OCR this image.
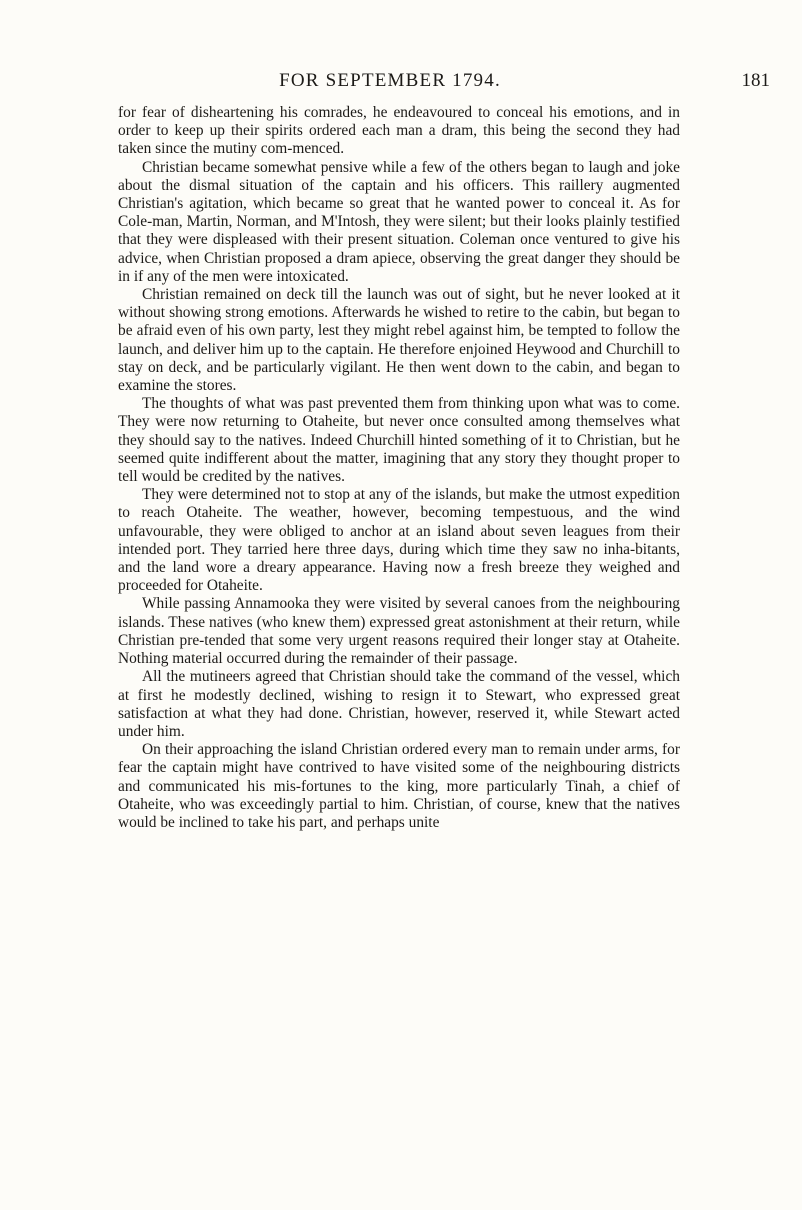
FOR SEPTEMBER 1794.	181

for fear of disheartening his comrades, he endeavoured to conceal his emotions, and in order to keep up their spirits ordered each man a dram, this being the second they had taken since the mutiny com-menced.

Christian became somewhat pensive while a few of the others began to laugh and joke about the dismal situation of the captain and his officers. This raillery augmented Christian's agitation, which became so great that he wanted power to conceal it. As for Cole-man, Martin, Norman, and M'Intosh, they were silent; but their looks plainly testified that they were displeased with their present situation. Coleman once ventured to give his advice, when Christian proposed a dram apiece, observing the great danger they should be in if any of the men were intoxicated.

Christian remained on deck till the launch was out of sight, but he never looked at it without showing strong emotions. Afterwards he wished to retire to the cabin, but began to be afraid even of his own party, lest they might rebel against him, be tempted to follow the launch, and deliver him up to the captain. He therefore enjoined Heywood and Churchill to stay on deck, and be particularly vigilant. He then went down to the cabin, and began to examine the stores.

The thoughts of what was past prevented them from thinking upon what was to come. They were now returning to Otaheite, but never once consulted among themselves what they should say to the natives. Indeed Churchill hinted something of it to Christian, but he seemed quite indifferent about the matter, imagining that any story they thought proper to tell would be credited by the natives.

They were determined not to stop at any of the islands, but make the utmost expedition to reach Otaheite. The weather, however, becoming tempestuous, and the wind unfavourable, they were obliged to anchor at an island about seven leagues from their intended port. They tarried here three days, during which time they saw no inha-bitants, and the land wore a dreary appearance. Having now a fresh breeze they weighed and proceeded for Otaheite.

While passing Annamooka they were visited by several canoes from the neighbouring islands. These natives (who knew them) expressed great astonishment at their return, while Christian pre-tended that some very urgent reasons required their longer stay at Otaheite. Nothing material occurred during the remainder of their passage.

All the mutineers agreed that Christian should take the command of the vessel, which at first he modestly declined, wishing to resign it to Stewart, who expressed great satisfaction at what they had done. Christian, however, reserved it, while Stewart acted under him.

On their approaching the island Christian ordered every man to remain under arms, for fear the captain might have contrived to have visited some of the neighbouring districts and communicated his mis-fortunes to the king, more particularly Tinah, a chief of Otaheite, who was exceedingly partial to him. Christian, of course, knew that the natives would be inclined to take his part, and perhaps unite
